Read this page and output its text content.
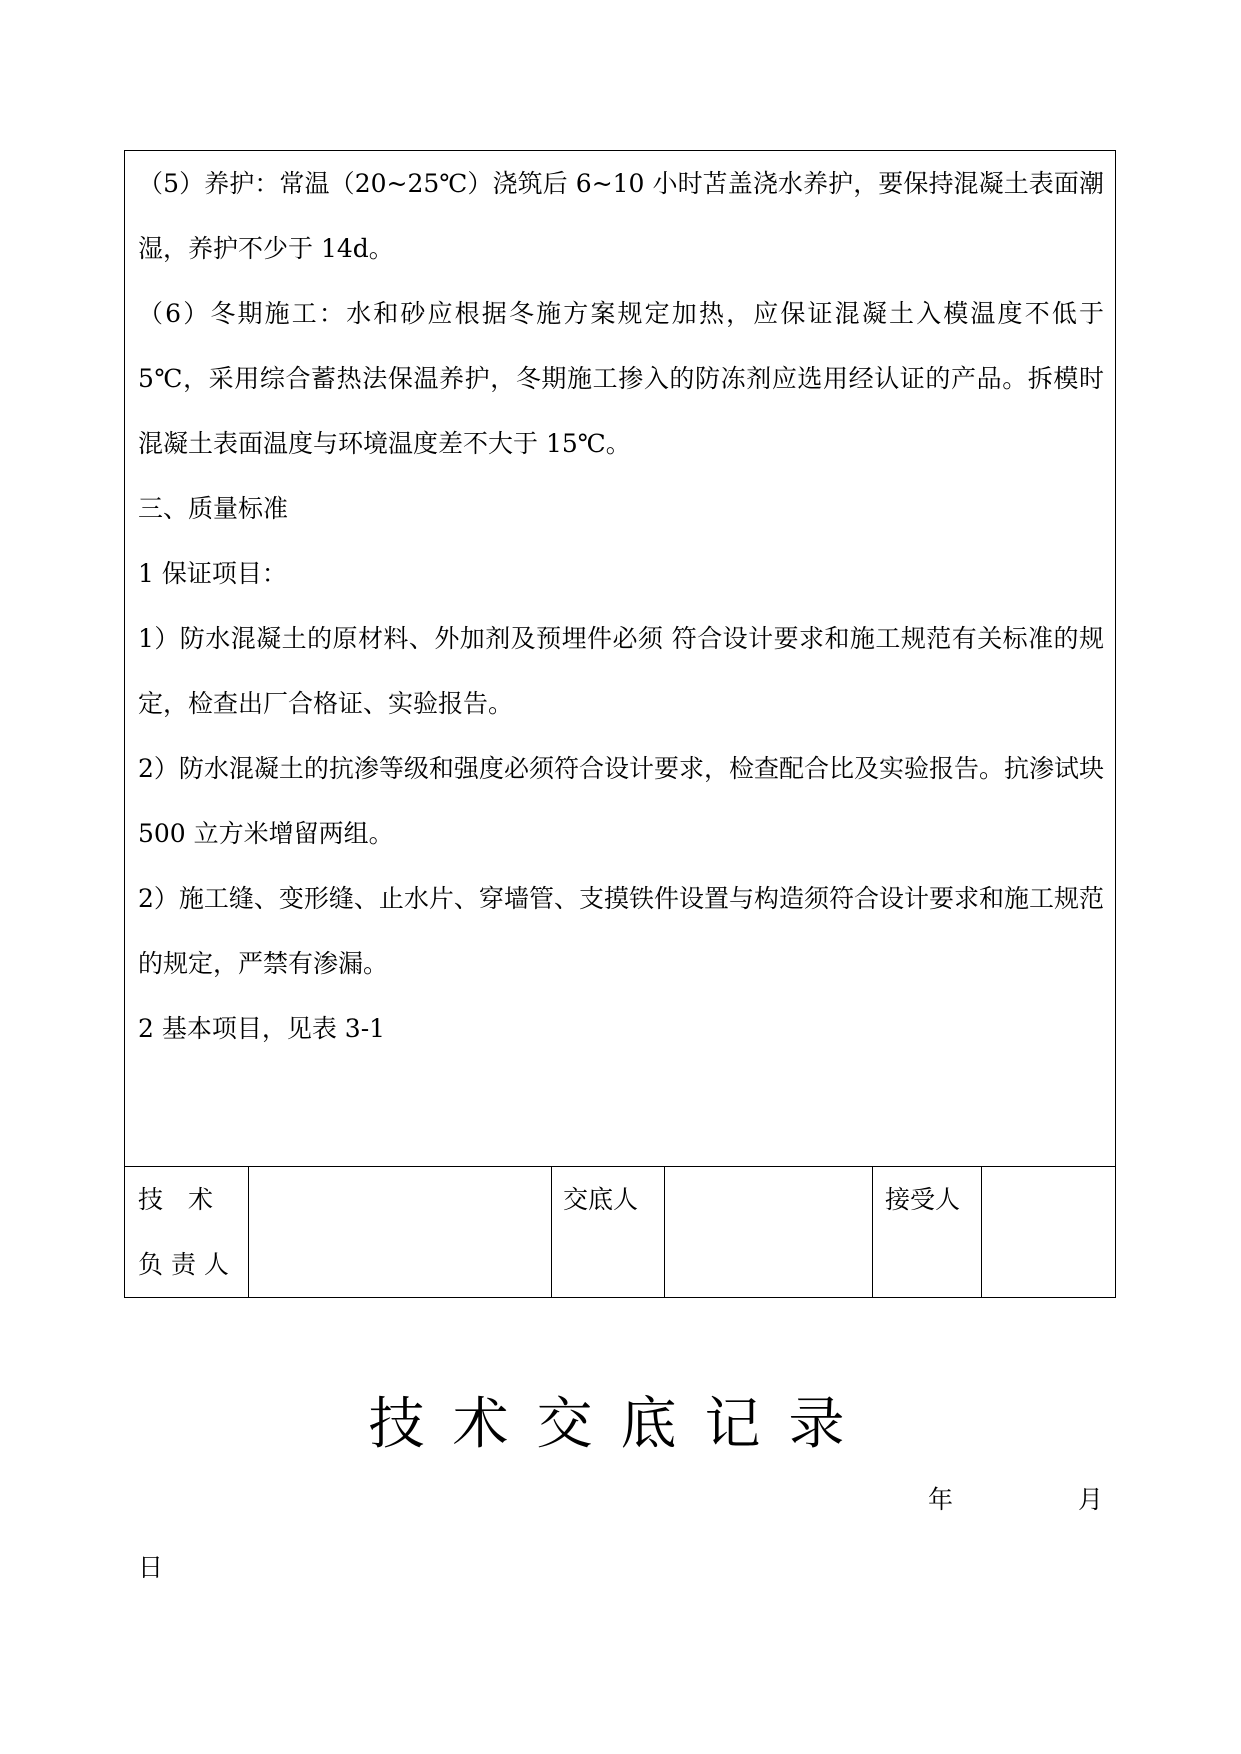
（5）养护：常温（20~25℃）浇筑后 6~10 小时苫盖浇水养护，要保持混凝土表面潮湿，养护不少于 14d。

（6）冬期施工：水和砂应根据冬施方案规定加热，应保证混凝土入模温度不低于 5℃，采用综合蓄热法保温养护，冬期施工掺入的防冻剂应选用经认证的产品。拆模时混凝土表面温度与环境温度差不大于 15℃。

三、质量标准

1 保证项目：

1）防水混凝土的原材料、外加剂及预埋件必须 符合设计要求和施工规范有关标准的规定，检查出厂合格证、实验报告。

2）防水混凝土的抗渗等级和强度必须符合设计要求，检查配合比及实验报告。抗渗试块 500 立方米增留两组。

2）施工缝、变形缝、止水片、穿墙管、支摸铁件设置与构造须符合设计要求和施工规范的规定，严禁有渗漏。

2 基本项目，见表 3-1

技　术
负 责 人
交底人	接受人
技术交底记录
年	月
日
